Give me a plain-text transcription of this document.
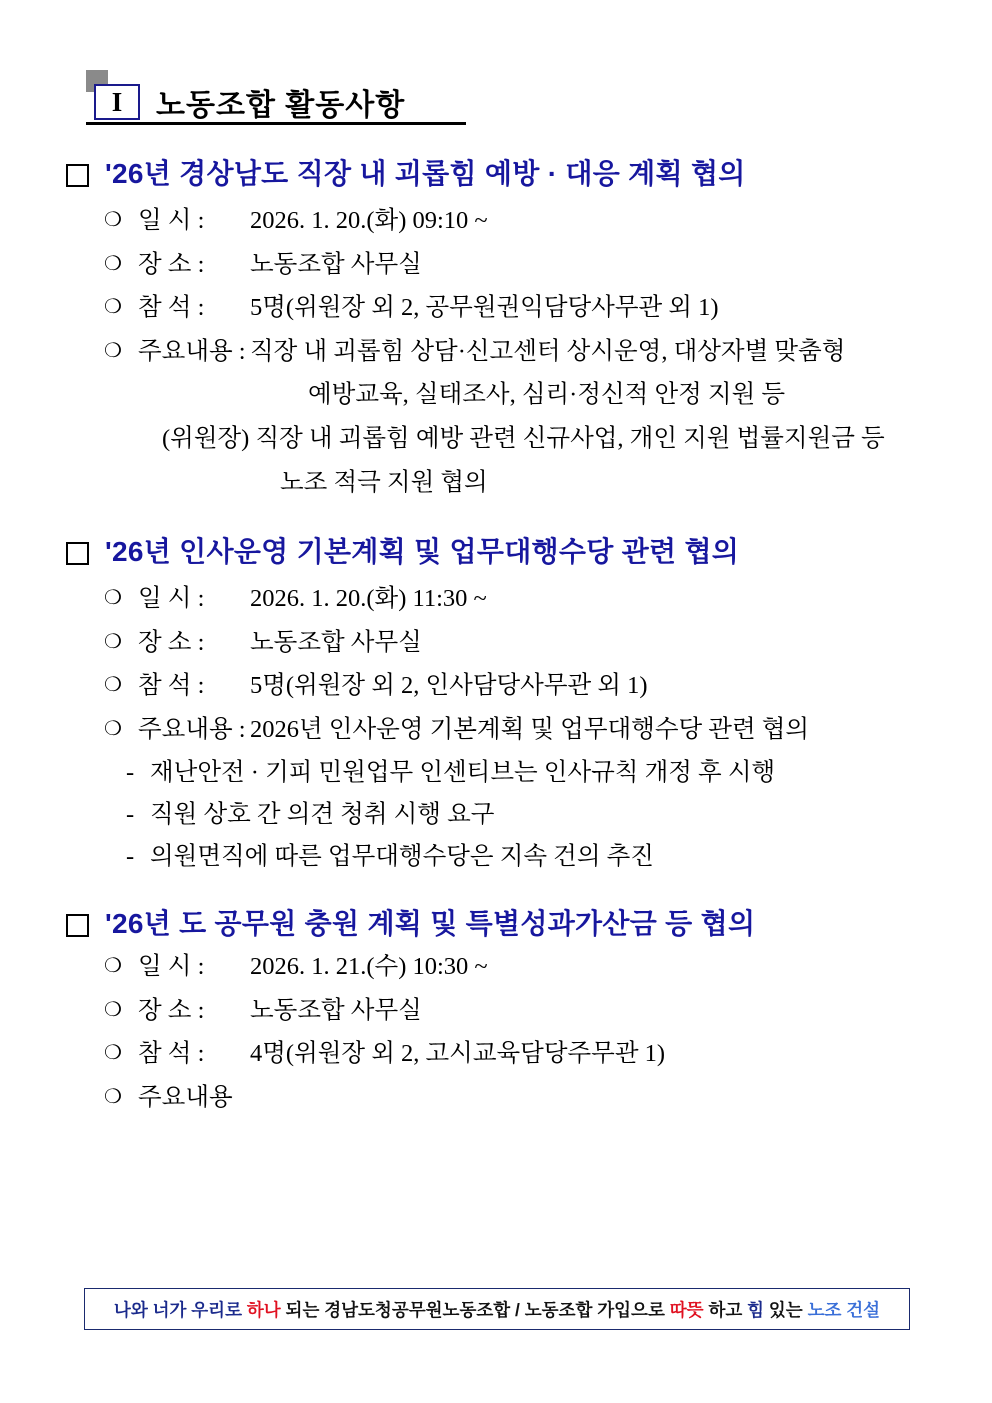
I	노동조합 활동사항
'26년 경상남도 직장 내 괴롭힘 예방 · 대응 계획 협의
❍ 일 시 :	2026. 1. 20.(화) 09:10 ~
❍ 장 소 :	노동조합 사무실
❍ 참 석 :	5명(위원장 외 2, 공무원권익담당사무관 외 1)
❍ 주요내용 : 직장 내 괴롭힘 상담·신고센터 상시운영, 대상자별 맞춤형
예방교육, 실태조사, 심리·정신적 안정 지원 등
(위원장) 직장 내 괴롭힘 예방 관련 신규사업, 개인 지원 법률지원금 등
노조 적극 지원 협의
'26년 인사운영 기본계획 및 업무대행수당 관련 협의
❍ 일 시 :	2026. 1. 20.(화) 11:30 ~
❍ 장 소 :	노동조합 사무실
❍ 참 석 :	5명(위원장 외 2, 인사담당사무관 외 1)
❍ 주요내용 : 2026년 인사운영 기본계획 및 업무대행수당 관련 협의
- 재난안전 · 기피 민원업무 인센티브는 인사규칙 개정 후 시행
- 직원 상호 간 의견 청취 시행 요구
- 의원면직에 따른 업무대행수당은 지속 건의 추진
'26년 도 공무원 충원 계획 및 특별성과가산금 등 협의
❍ 일 시 :	2026. 1. 21.(수) 10:30 ~
❍ 장 소 :	노동조합 사무실
❍ 참 석 :	4명(위원장 외 2, 고시교육담당주무관 1)
❍ 주요내용
나와 너가 우리로 하나 되는 경남도청공무원노동조합 / 노동조합 가입으로 따뜻 하고 힘 있는 노조 건설
